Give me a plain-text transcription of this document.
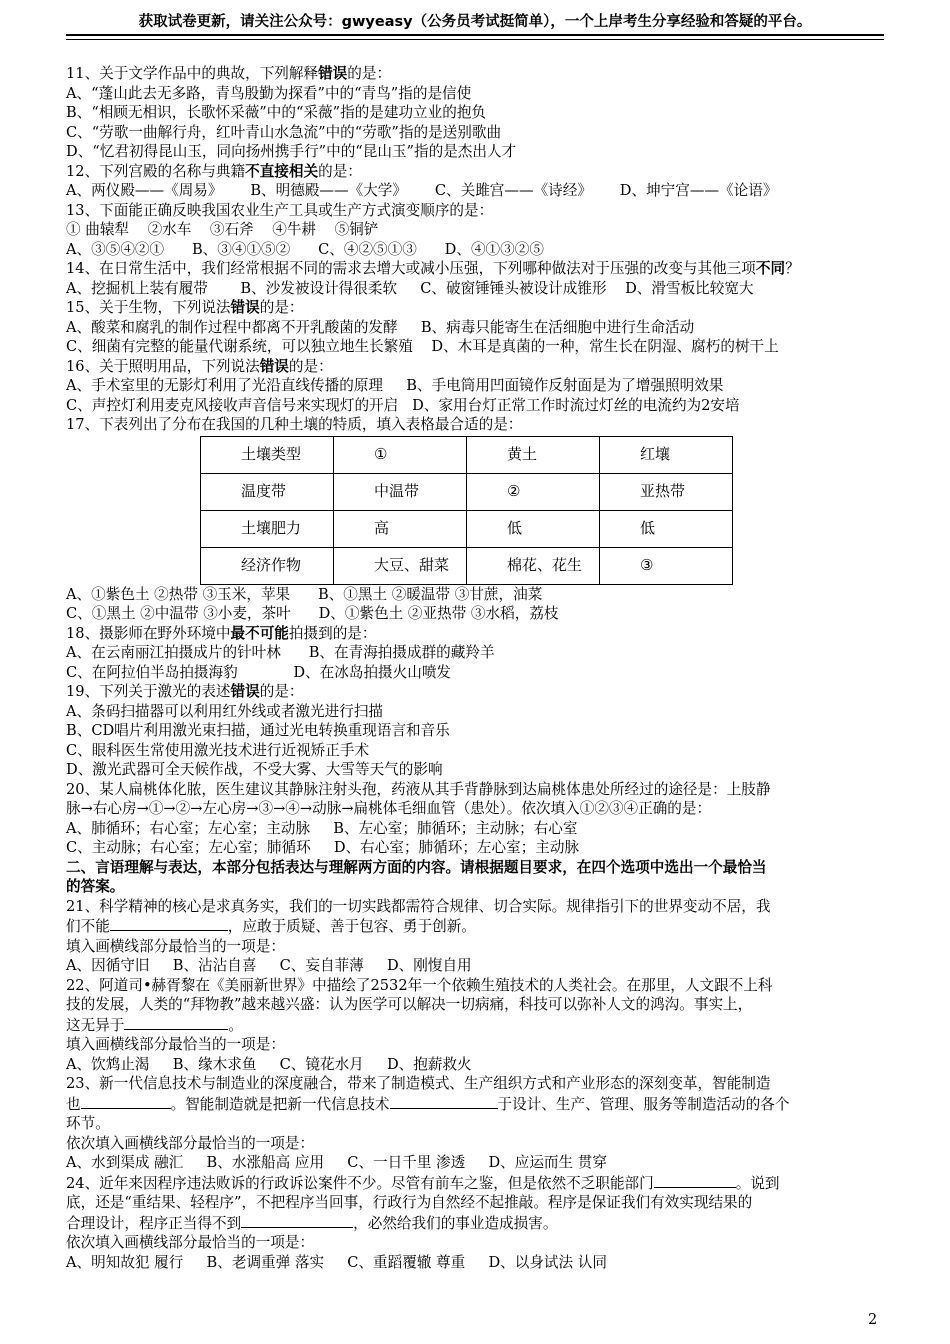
获取试卷更新，请关注公众号：gwyeasy（公务员考试挺简单），一个上岸考生分享经验和答疑的平台。
11、关于文学作品中的典故，下列解释错误的是：
A、“蓬山此去无多路，青鸟殷勤为探看”中的“青鸟”指的是信使
B、“相顾无相识，长歌怀采薇”中的“采薇”指的是建功立业的抱负
C、“劳歌一曲解行舟，红叶青山水急流”中的“劳歌”指的是送别歌曲
D、“忆君初得昆山玉，同向扬州携手行”中的“昆山玉”指的是杰出人才
12、下列宫殿的名称与典籍不直接相关的是：
A、两仪殿——《周易》 B、明德殿——《大学》 C、关雎宫——《诗经》 D、坤宁宫——《论语》
13、下面能正确反映我国农业生产工具或生产方式演变顺序的是：
① 曲辕犁    ②水车    ③石斧    ④牛耕    ⑤铜铲
A、③⑤④②① B、③④①⑤② C、④②⑤①③ D、④①③②⑤
14、在日常生活中，我们经常根据不同的需求去增大或减小压强，下列哪种做法对于压强的改变与其他三项不同？
A、挖掘机上装有履带 B、沙发被设计得很柔软 C、破窗锤锤头被设计成锥形 D、滑雪板比较宽大
15、关于生物，下列说法错误的是：
A、酸菜和腐乳的制作过程中都离不开乳酸菌的发酵 B、病毒只能寄生在活细胞中进行生命活动
C、细菌有完整的能量代谢系统，可以独立地生长繁殖 D、木耳是真菌的一种，常生长在阴湿、腐朽的树干上
16、关于照明用品，下列说法错误的是：
A、手术室里的无影灯利用了光沿直线传播的原理 B、手电筒用凹面镜作反射面是为了增强照明效果
C、声控灯利用麦克风接收声音信号来实现灯的开启 D、家用台灯正常工作时流过灯丝的电流约为2安培
17、下表列出了分布在我国的几种土壤的特质，填入表格最合适的是：
土壤类型	①	黄土	红壤
温度带	中温带	②	亚热带
土壤肥力	高	低	低
经济作物	大豆、甜菜	棉花、花生	③
A、①紫色土 ②热带 ③玉米，苹果 B、①黑土 ②暖温带 ③甘蔗，油菜
C、①黑土 ②中温带 ③小麦，茶叶 D、①紫色土 ②亚热带 ③水稻，荔枝
18、摄影师在野外环境中最不可能拍摄到的是：
A、在云南丽江拍摄成片的针叶林 B、在青海拍摄成群的藏羚羊
C、在阿拉伯半岛拍摄海豹	D、在冰岛拍摄火山喷发
19、下列关于激光的表述错误的是：
A、条码扫描器可以利用红外线或者激光进行扫描
B、CD唱片利用激光束扫描，通过光电转换重现语言和音乐
C、眼科医生常使用激光技术进行近视矫正手术
D、激光武器可全天候作战，不受大雾、大雪等天气的影响
20、某人扁桃体化脓，医生建议其静脉注射头孢，药液从其手背静脉到达扁桃体患处所经过的途径是：上肢静
脉→右心房→①→②→左心房→③→④→动脉→扁桃体毛细血管（患处）。依次填入①②③④正确的是：
A、肺循环；右心室；左心室；主动脉 B、左心室；肺循环；主动脉；右心室
C、主动脉；右心室；左心室；肺循环 D、右心室；肺循环；左心室；主动脉
二、言语理解与表达，本部分包括表达与理解两方面的内容。请根据题目要求，在四个选项中选出一个最恰当
的答案。
21、科学精神的核心是求真务实，我们的一切实践都需符合规律、切合实际。规律指引下的世界变动不居，我
们不能	，应敢于质疑、善于包容、勇于创新。
填入画横线部分最恰当的一项是：
A、因循守旧 B、沾沾自喜 C、妄自菲薄 D、刚愎自用
22、阿道司•赫胥黎在《美丽新世界》中描绘了2532年一个依赖生殖技术的人类社会。在那里，人文跟不上科
技的发展，人类的“拜物教”越来越兴盛：认为医学可以解决一切病痛，科技可以弥补人文的鸿沟。事实上，
这无异于	。
填入画横线部分最恰当的一项是：
A、饮鸩止渴 B、缘木求鱼 C、镜花水月 D、抱薪救火
23、新一代信息技术与制造业的深度融合，带来了制造模式、生产组织方式和产业形态的深刻变革，智能制造
也	。智能制造就是把新一代信息技术	于设计、生产、管理、服务等制造活动的各个
环节。
依次填入画横线部分最恰当的一项是：
A、水到渠成 融汇 B、水涨船高 应用 C、一日千里 渗透 D、应运而生 贯穿
24、近年来因程序违法败诉的行政诉讼案件不少。尽管有前车之鉴，但是依然不乏职能部门	。说到
底，还是“重结果、轻程序”，不把程序当回事，行政行为自然经不起推敲。程序是保证我们有效实现结果的
合理设计，程序正当得不到	，必然给我们的事业造成损害。
依次填入画横线部分最恰当的一项是：
A、明知故犯 履行 B、老调重弹 落实 C、重蹈覆辙 尊重 D、以身试法 认同
2
